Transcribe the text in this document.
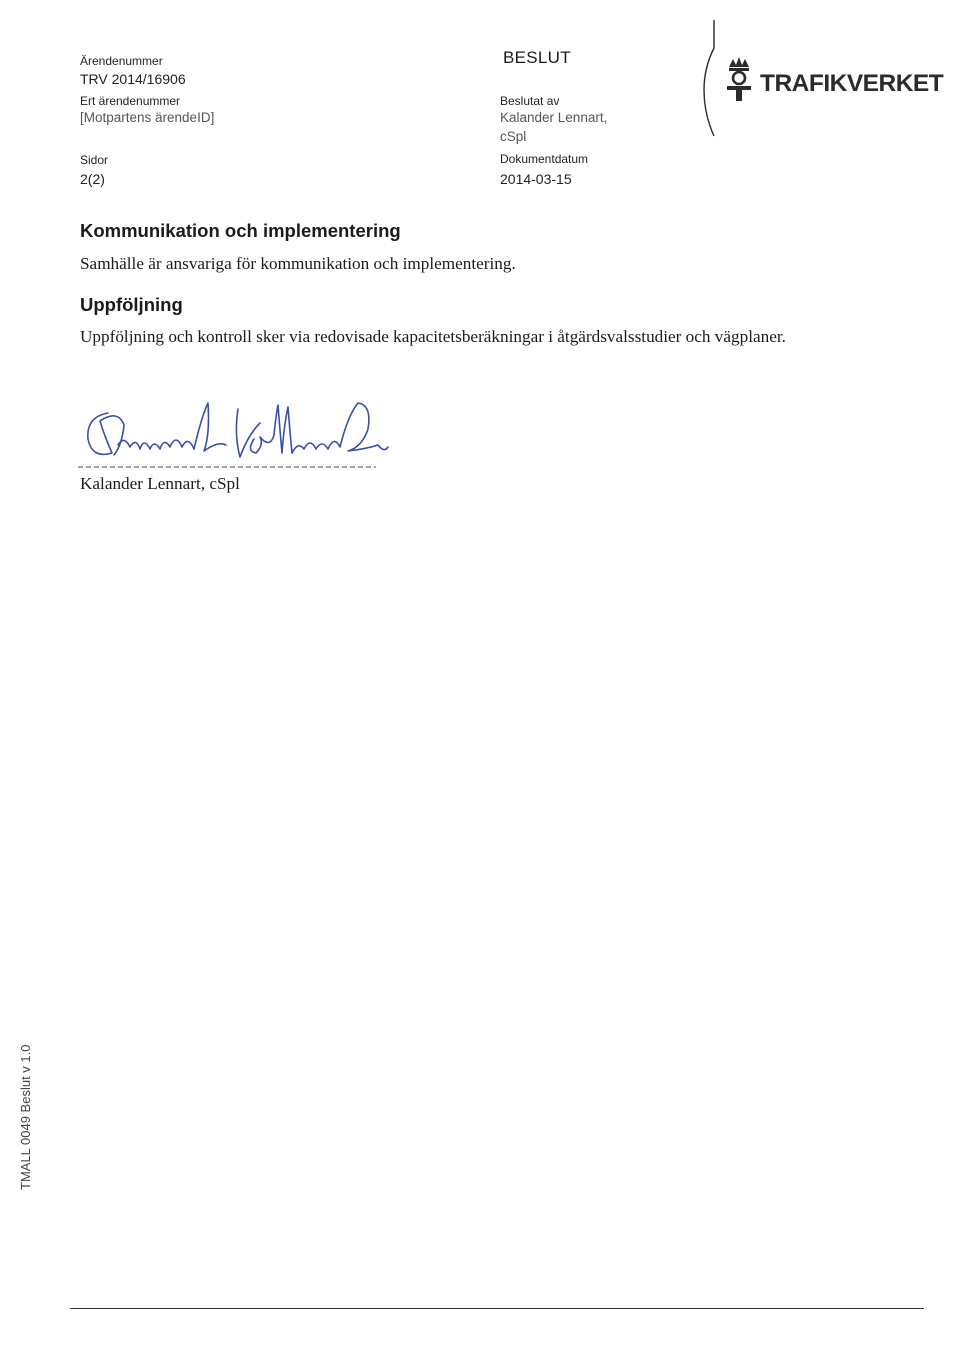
Ärendenummer
TRV 2014/16906
Ert ärendenummer
[Motpartens ärendeID]
Sidor
2(2)
BESLUT
Beslutat av
Kalander Lennart,
cSpl
Dokumentdatum
2014-03-15
TRAFIKVERKET
Kommunikation och implementering
Samhälle är ansvariga för kommunikation och implementering.
Uppföljning
Uppföljning och kontroll sker via redovisade kapacitetsberäkningar i åtgärdsvalsstudier och vägplaner.
Kalander Lennart, cSpl
TMALL 0049 Beslut v 1.0
